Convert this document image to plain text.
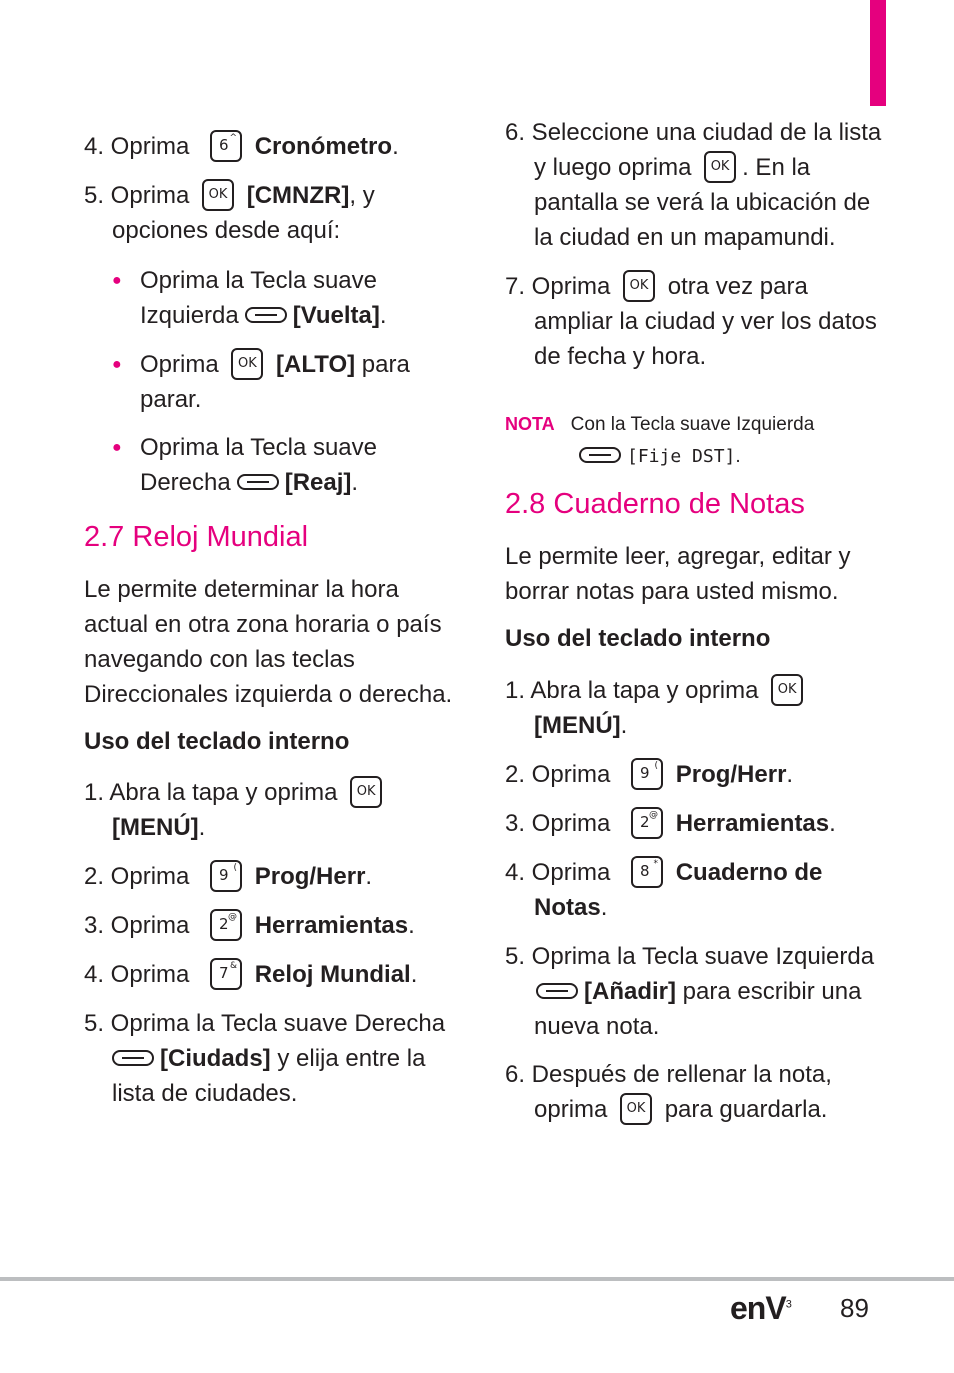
4. Oprima 6 ^ Cronómetro.
5. Oprima OK [CMNZR], y
opciones desde aquí:
● Oprima la Tecla suave
Izquierda [Vuelta].
● Oprima OK [ALTO] para
parar.
● Oprima la Tecla suave
Derecha [Reaj].
2.7 Reloj Mundial
Le permite determinar la hora
actual en otra zona horaria o país
navegando con las teclas
Direccionales izquierda o derecha.
Uso del teclado interno
1. Abra la tapa y oprima OK
[MENÚ].
2. Oprima 9 ( Prog/Herr.
3. Oprima 2 @ Herramientas.
4. Oprima 7 & Reloj Mundial.
5. Oprima la Tecla suave Derecha
[Ciudads] y elija entre la
lista de ciudades.
6. Seleccione una ciudad de la lista
y luego oprima OK . En la
pantalla se verá la ubicación de
la ciudad en un mapamundi.
7. Oprima OK otra vez para
ampliar la ciudad y ver los datos
de fecha y hora.
NOTA Con la Tecla suave Izquierda
[Fije DST].
2.8 Cuaderno de Notas
Le permite leer, agregar, editar y
borrar notas para usted mismo.
Uso del teclado interno
1. Abra la tapa y oprima OK
[MENÚ].
2. Oprima 9 ( Prog/Herr.
3. Oprima 2 @ Herramientas.
4. Oprima 8 * Cuaderno de
Notas.
5. Oprima la Tecla suave Izquierda
[Añadir] para escribir una
nueva nota.
6. Después de rellenar la nota,
oprima OK para guardarla.
enV$^3$ 89
